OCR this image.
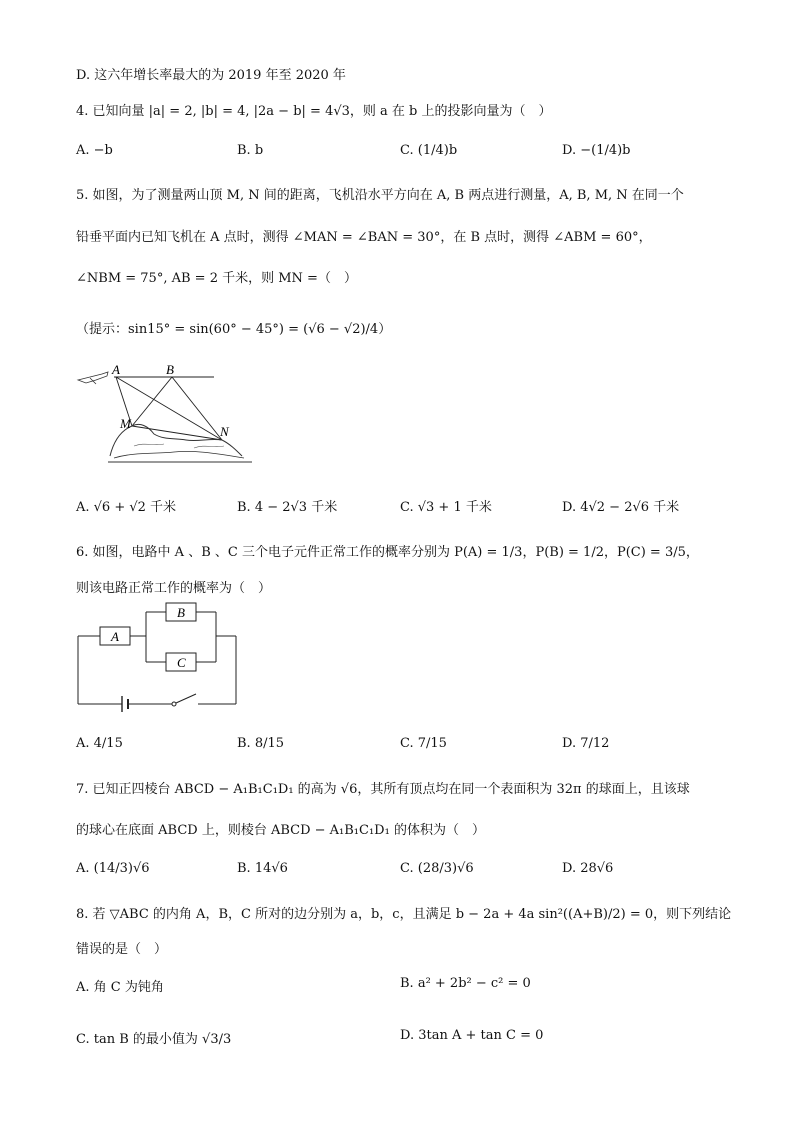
D. 这六年增长率最大的为 2019 年至 2020 年
4. 已知向量 |a| = 2, |b| = 4, |2a − b| = 4√3，则 a 在 b 上的投影向量为（　）
A. −b	B. b	C. (1/4)b	D. −(1/4)b
5. 如图，为了测量两山顶 M, N 间的距离，飞机沿水平方向在 A, B 两点进行测量，A, B, M, N 在同一个
铅垂平面内已知飞机在 A 点时，测得 ∠MAN = ∠BAN = 30°，在 B 点时，测得 ∠ABM = 60°，
∠NBM = 75°, AB = 2 千米，则 MN =（　）
（提示：sin15° = sin(60° − 45°) = (√6 − √2)/4）
A	B
M
N
A. √6 + √2 千米	B. 4 − 2√3 千米	C. √3 + 1 千米	D. 4√2 − 2√6 千米
6. 如图，电路中 A 、B 、C 三个电子元件正常工作的概率分别为 P(A) = 1/3，P(B) = 1/2，P(C) = 3/5，
则该电路正常工作的概率为（　）
A
B
C
A. 4/15	B. 8/15	C. 7/15	D. 7/12
7. 已知正四棱台 ABCD − A₁B₁C₁D₁ 的高为 √6，其所有顶点均在同一个表面积为 32π 的球面上，且该球
的球心在底面 ABCD 上，则棱台 ABCD − A₁B₁C₁D₁ 的体积为（　）
A. (14/3)√6	B. 14√6	C. (28/3)√6	D. 28√6
8. 若 ▽ABC 的内角 A，B，C 所对的边分别为 a，b，c，且满足 b − 2a + 4a sin²((A+B)/2) = 0，则下列结论
错误的是（　）
A. 角 C 为钝角	B. a² + 2b² − c² = 0
C. tan B 的最小值为 √3/3	D. 3tan A + tan C = 0
